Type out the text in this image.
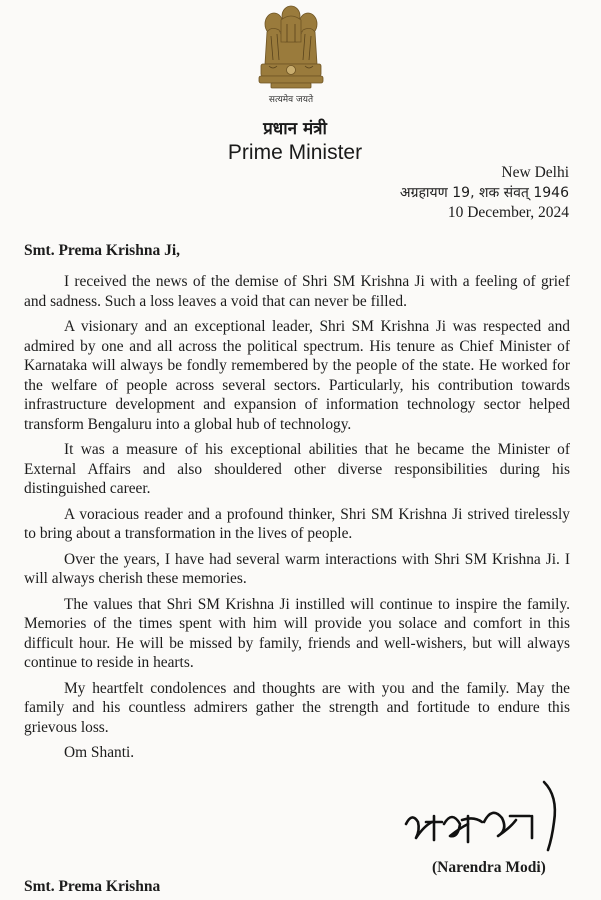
सत्यमेव जयते
प्रधान मंत्री
Prime Minister
New Delhi
अग्रहायण 19, शक संवत् 1946
10 December, 2024
Smt. Prema Krishna Ji,

I received the news of the demise of Shri SM Krishna Ji with a feeling of grief and sadness. Such a loss leaves a void that can never be filled.

A visionary and an exceptional leader, Shri SM Krishna Ji was respected and admired by one and all across the political spectrum. His tenure as Chief Minister of Karnataka will always be fondly remembered by the people of the state. He worked for the welfare of people across several sectors. Particularly, his contribution towards infrastructure development and expansion of information technology sector helped transform Bengaluru into a global hub of technology.

It was a measure of his exceptional abilities that he became the Minister of External Affairs and also shouldered other diverse responsibilities during his distinguished career.

A voracious reader and a profound thinker, Shri SM Krishna Ji strived tirelessly to bring about a transformation in the lives of people.

Over the years, I have had several warm interactions with Shri SM Krishna Ji. I will always cherish these memories.

The values that Shri SM Krishna Ji instilled will continue to inspire the family. Memories of the times spent with him will provide you solace and comfort in this difficult hour. He will be missed by family, friends and well-wishers, but will always continue to reside in hearts.

My heartfelt condolences and thoughts are with you and the family. May the family and his countless admirers gather the strength and fortitude to endure this grievous loss.

Om Shanti.

(Narendra Modi)
Smt. Prema Krishna
